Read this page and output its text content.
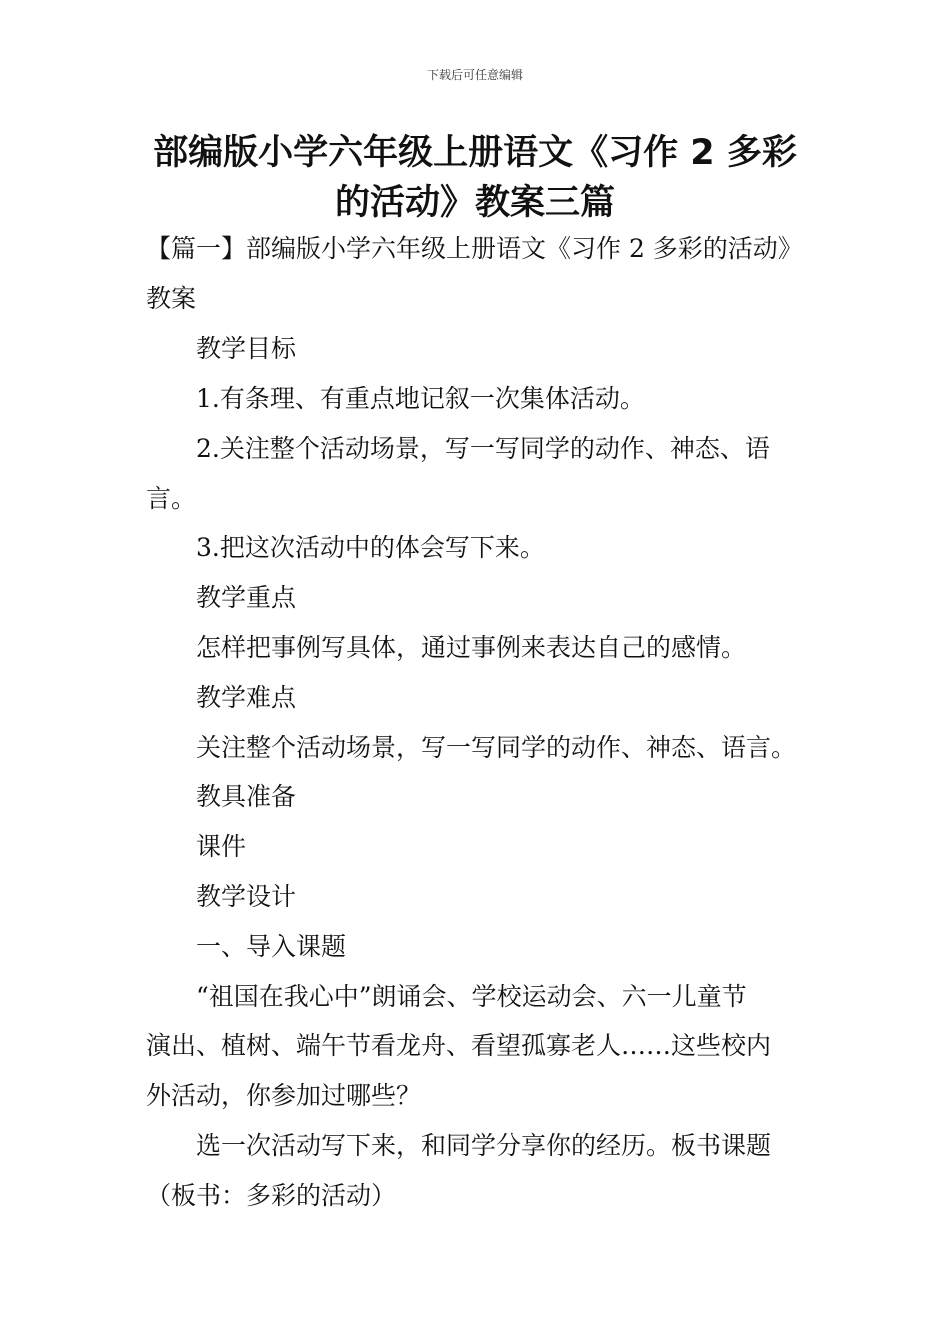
下载后可任意编辑
部编版小学六年级上册语文《习作 2 多彩
的活动》教案三篇
【篇一】部编版小学六年级上册语文《习作 2 多彩的活动》
教案
教学目标
1.有条理、有重点地记叙一次集体活动。
2.关注整个活动场景，写一写同学的动作、神态、语
言。
3.把这次活动中的体会写下来。
教学重点
怎样把事例写具体，通过事例来表达自己的感情。
教学难点
关注整个活动场景，写一写同学的动作、神态、语言。
教具准备
课件
教学设计
一、导入课题
“祖国在我心中”朗诵会、学校运动会、六一儿童节
演出、植树、端午节看龙舟、看望孤寡老人……这些校内
外活动，你参加过哪些？
选一次活动写下来，和同学分享你的经历。板书课题
（板书：多彩的活动）
